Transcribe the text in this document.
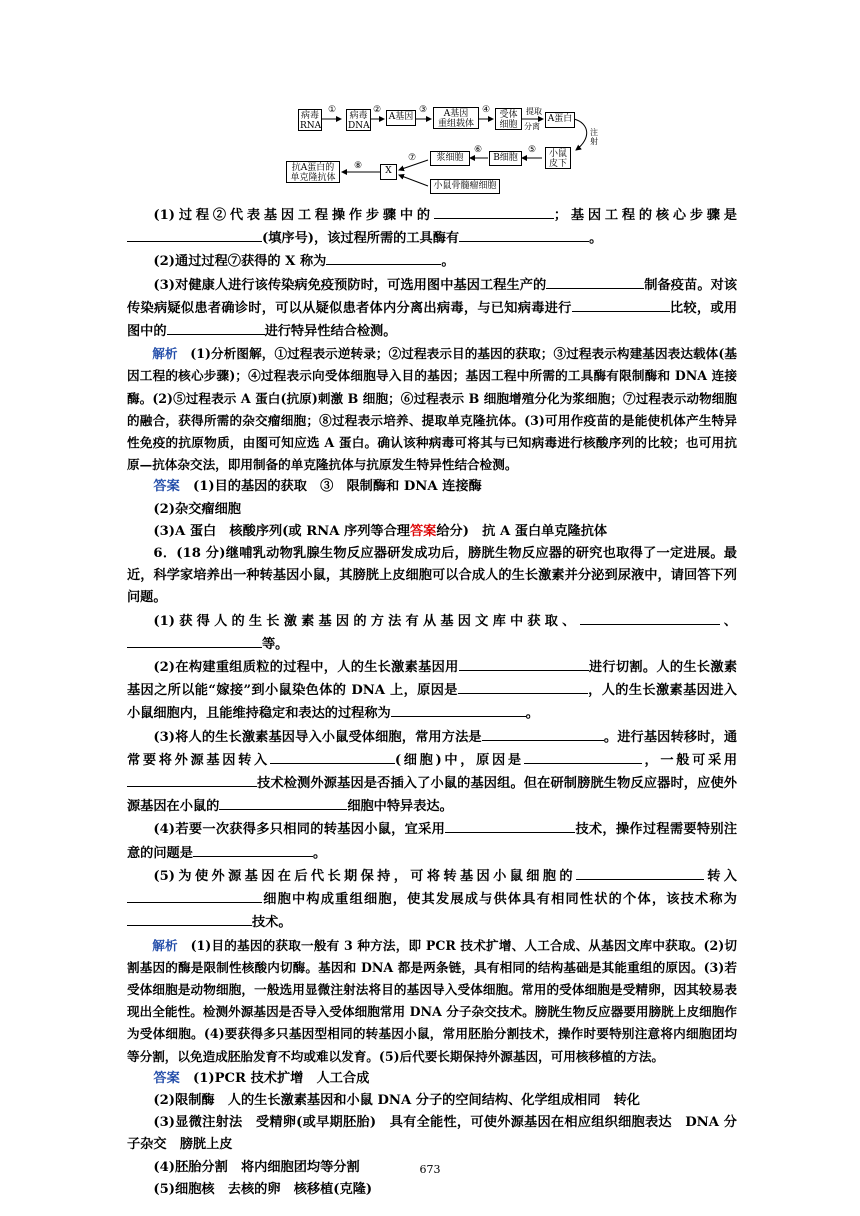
病毒
RNA
病毒
DNA
A基因	A基因
重组载体
受体
细胞
A蛋白
小鼠
皮下
B细胞
浆细胞
小鼠骨髓瘤细胞
X
抗A蛋白的
单克隆抗体
①	②	③	④	提取
分离
注
射
⑤
⑥
⑦
⑧

(1)过程②代表基因工程操作步骤中的	；基因工程的核心步骤是(填序号)，该过程所需的工具酶有	。

(2)通过过程⑦获得的 X 称为	。

(3)对健康人进行该传染病免疫预防时，可选用图中基因工程生产的	制备疫苗。对该传染病疑似患者确诊时，可以从疑似患者体内分离出病毒，与已知病毒进行	比较，或用图中的	进行特异性结合检测。

解析　 (1)分析图解，①过程表示逆转录；②过程表示目的基因的获取；③过程表示构建基因表达载体(基因工程的核心步骤)；④过程表示向受体细胞导入目的基因；基因工程中所需的工具酶有限制酶和 DNA 连接酶。(2)⑤过程表示 A 蛋白(抗原)刺激 B 细胞；⑥过程表示 B 细胞增殖分化为浆细胞；⑦过程表示动物细胞的融合，获得所需的杂交瘤细胞；⑧过程表示培养、提取单克隆抗体。(3)可用作疫苗的是能使机体产生特异性免疫的抗原物质，由图可知应选 A 蛋白。确认该种病毒可将其与已知病毒进行核酸序列的比较；也可用抗原—抗体杂交法，即用制备的单克隆抗体与抗原发生特异性结合检测。

答案　 (1)目的基因的获取　③　限制酶和 DNA 连接酶

(2)杂交瘤细胞

(3)A 蛋白　核酸序列(或 RNA 序列等合理答案给分)　抗 A 蛋白单克隆抗体

6．(18 分)继哺乳动物乳腺生物反应器研发成功后，膀胱生物反应器的研究也取得了一定进展。最近，科学家培养出一种转基因小鼠，其膀胱上皮细胞可以合成人的生长激素并分泌到尿液中，请回答下列问题。

(1)获得人的生长激素基因的方法有从基因文库中获取、	、等。

(2)在构建重组质粒的过程中，人的生长激素基因用	进行切割。人的生长激素基因之所以能“嫁接”到小鼠染色体的 DNA 上，原因是	，人的生长激素基因进入小鼠细胞内，且能维持稳定和表达的过程称为	。

(3)将人的生长激素基因导入小鼠受体细胞，常用方法是	。进行基因转移时，通常要将外源基因转入	(细胞)中，原因是	，一般可采用技术检测外源基因是否插入了小鼠的基因组。但在研制膀胱生物反应器时，应使外源基因在小鼠的	细胞中特异表达。

(4)若要一次获得多只相同的转基因小鼠，宜采用	技术，操作过程需要特别注意的问题是	。

(5)为使外源基因在后代长期保持，可将转基因小鼠细胞的	转入细胞中构成重组细胞，使其发展成与供体具有相同性状的个体，该技术称为技术。

解析　 (1)目的基因的获取一般有 3 种方法，即 PCR 技术扩增、人工合成、从基因文库中获取。(2)切割基因的酶是限制性核酸内切酶。基因和 DNA 都是两条链，具有相同的结构基础是其能重组的原因。(3)若受体细胞是动物细胞，一般选用显微注射法将目的基因导入受体细胞。常用的受体细胞是受精卵，因其较易表现出全能性。检测外源基因是否导入受体细胞常用 DNA 分子杂交技术。膀胱生物反应器要用膀胱上皮细胞作为受体细胞。(4)要获得多只基因型相同的转基因小鼠，常用胚胎分割技术，操作时要特别注意将内细胞团均等分割，以免造成胚胎发育不均或难以发育。(5)后代要长期保持外源基因，可用核移植的方法。

答案　 (1)PCR 技术扩增　人工合成

(2)限制酶　人的生长激素基因和小鼠 DNA 分子的空间结构、化学组成相同　转化

(3)显微注射法　受精卵(或早期胚胎)　具有全能性，可使外源基因在相应组织细胞表达　DNA 分子杂交　膀胱上皮

(4)胚胎分割　将内细胞团均等分割

(5)细胞核　去核的卵　核移植(克隆)

673
